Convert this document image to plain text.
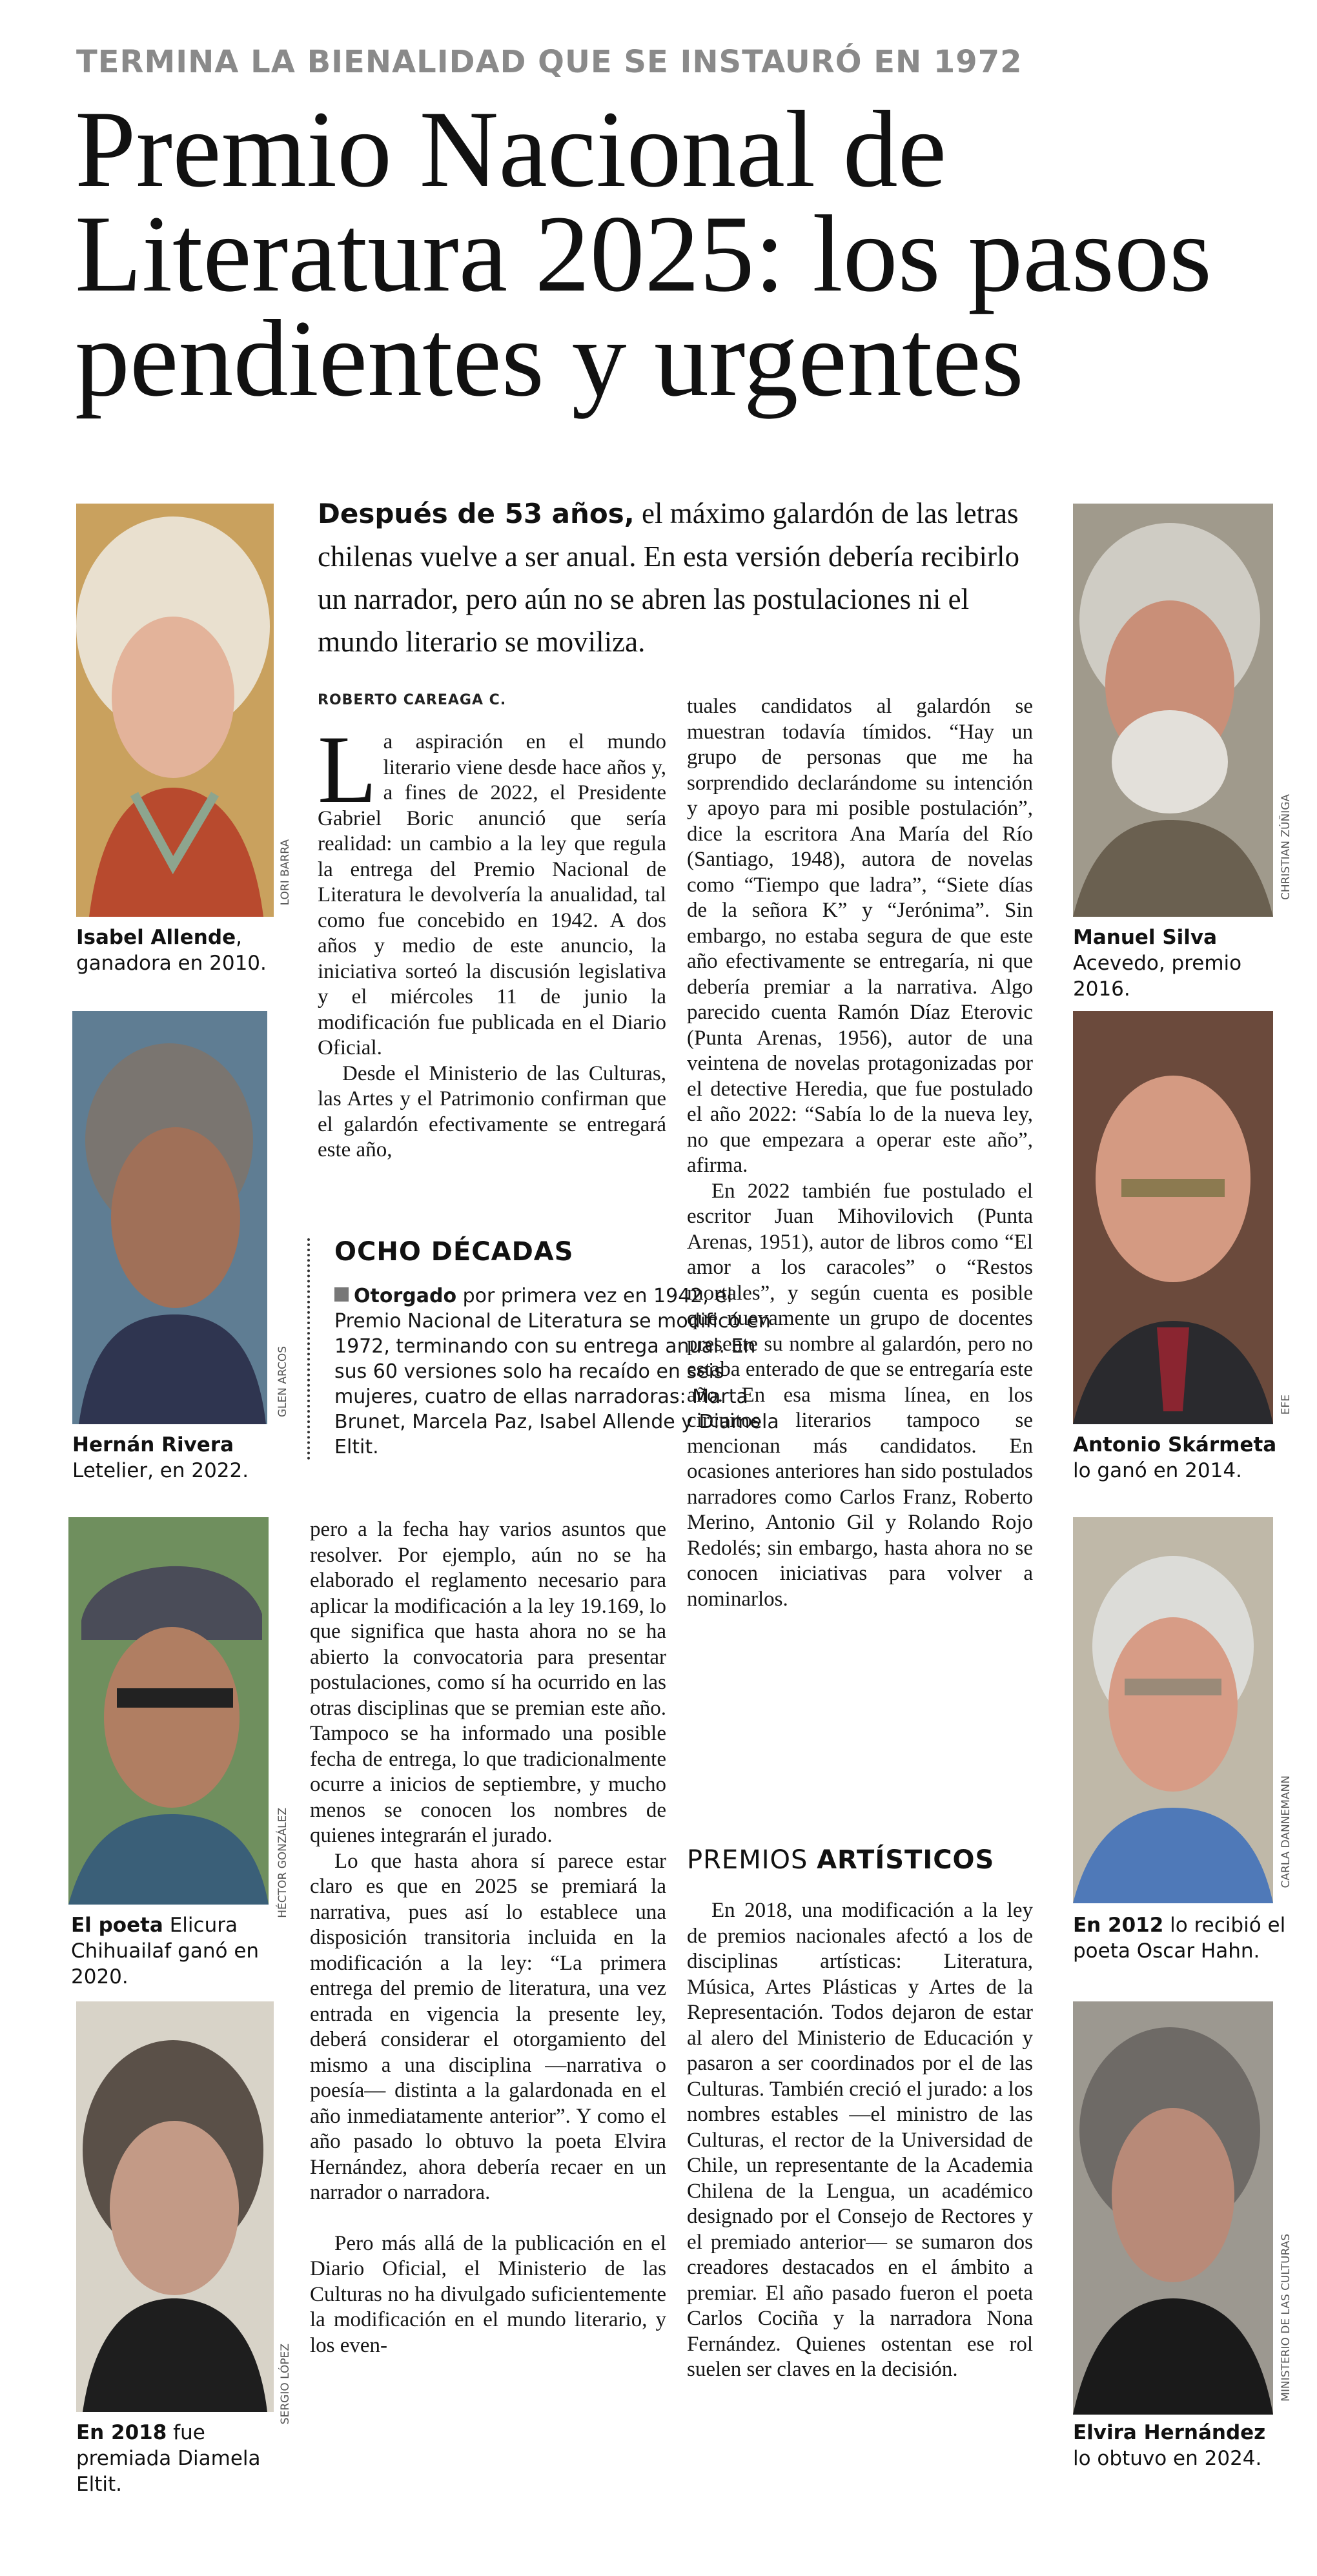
TERMINA LA BIENALIDAD QUE SE INSTAURÓ EN 1972
Premio Nacional de
Literatura 2025: los pasos
pendientes y urgentes
LORI BARRA
Isabel Allende, ganadora en 2010.
GLEN ARCOS
Hernán Rivera Letelier, en 2022.
HÉCTOR GONZÁLEZ
El poeta Elicura Chihuailaf ganó en 2020.
SERGIO LÓPEZ
En 2018 fue premiada Diamela Eltit.
CHRISTIAN ZÚÑIGA
Manuel Silva Acevedo, premio 2016.
EFE
Antonio Skármeta lo ganó en 2014.
CARLA DANNEMANN
En 2012 lo recibió el poeta Oscar Hahn.
MINISTERIO DE LAS CULTURAS
Elvira Hernández lo obtuvo en 2024.
Después de 53 años, el máximo galardón de las letras chilenas vuelve a ser anual. En esta versión debería recibirlo un narrador, pero aún no se abren las postulaciones ni el mundo literario se moviliza.
ROBERTO CAREAGA C.

La aspiración en el mundo literario viene desde hace años y, a fines de 2022, el Presidente Gabriel Boric anunció que sería realidad: un cambio a la ley que regula la entrega del Premio Nacional de Literatura le devolvería la anualidad, tal como fue concebido en 1942. A dos años y medio de este anuncio, la iniciativa sorteó la discusión legislativa y el miércoles 11 de junio la modificación fue publicada en el Diario Oficial.

Desde el Ministerio de las Culturas, las Artes y el Patrimonio confirman que el galardón efectivamente se entregará este año,

OCHO DÉCADAS
Otorgado por primera vez en 1942, el Premio Nacional de Literatura se modificó en 1972, terminando con su entrega anual. En sus 60 versiones solo ha recaído en seis mujeres, cuatro de ellas narradoras: Marta Brunet, Marcela Paz, Isabel Allende y Diamela Eltit.

pero a la fecha hay varios asuntos que resolver. Por ejemplo, aún no se ha elaborado el reglamento necesario para aplicar la modificación a la ley 19.169, lo que significa que hasta ahora no se ha abierto la convocatoria para presentar postulaciones, como sí ha ocurrido en las otras disciplinas que se premian este año. Tampoco se ha informado una posible fecha de entrega, lo que tradicionalmente ocurre a inicios de septiembre, y mucho menos se conocen los nombres de quienes integrarán el jurado.

Lo que hasta ahora sí parece estar claro es que en 2025 se premiará la narrativa, pues así lo establece una disposición transitoria incluida en la modificación a la ley: “La primera entrega del premio de literatura, una vez entrada en vigencia la presente ley, deberá considerar el otorgamiento del mismo a una disciplina —narrativa o poesía— distinta a la galardonada en el año inmediatamente anterior”. Y como el año pasado lo obtuvo la poeta Elvira Hernández, ahora debería recaer en un narrador o narradora.

Pero más allá de la publicación en el Diario Oficial, el Ministerio de las Culturas no ha divulgado suficientemente la modificación en el mundo literario, y los even-

tuales candidatos al galardón se muestran todavía tímidos. “Hay un grupo de personas que me ha sorprendido declarándome su intención y apoyo para mi posible postulación”, dice la escritora Ana María del Río (Santiago, 1948), autora de novelas como “Tiempo que ladra”, “Siete días de la señora K” y “Jerónima”. Sin embargo, no estaba segura de que este año efectivamente se entregaría, ni que debería premiar a la narrativa. Algo parecido cuenta Ramón Díaz Eterovic (Punta Arenas, 1956), autor de una veintena de novelas protagonizadas por el detective Heredia, que fue postulado el año 2022: “Sabía lo de la nueva ley, no que empezara a operar este año”, afirma.

En 2022 también fue postulado el escritor Juan Mihovilovich (Punta Arenas, 1951), autor de libros como “El amor a los caracoles” o “Restos mortales”, y según cuenta es posible que nuevamente un grupo de docentes presente su nombre al galardón, pero no estaba enterado de que se entregaría este año. En esa misma línea, en los circuitos literarios tampoco se mencionan más candidatos. En ocasiones anteriores han sido postulados narradores como Carlos Franz, Roberto Merino, Antonio Gil y Rolando Rojo Redolés; sin embargo, hasta ahora no se conocen iniciativas para volver a nominarlos.

PREMIOS ARTÍSTICOS

En 2018, una modificación a la ley de premios nacionales afectó a los de disciplinas artísticas: Literatura, Música, Artes Plásticas y Artes de la Representación. Todos dejaron de estar al alero del Ministerio de Educación y pasaron a ser coordinados por el de las Culturas. También creció el jurado: a los nombres estables —el ministro de las Culturas, el rector de la Universidad de Chile, un representante de la Academia Chilena de la Lengua, un académico designado por el Consejo de Rectores y el premiado anterior— se sumaron dos creadores destacados en el ámbito a premiar. El año pasado fueron el poeta Carlos Cociña y la narradora Nona Fernández. Quienes ostentan ese rol suelen ser claves en la decisión.
